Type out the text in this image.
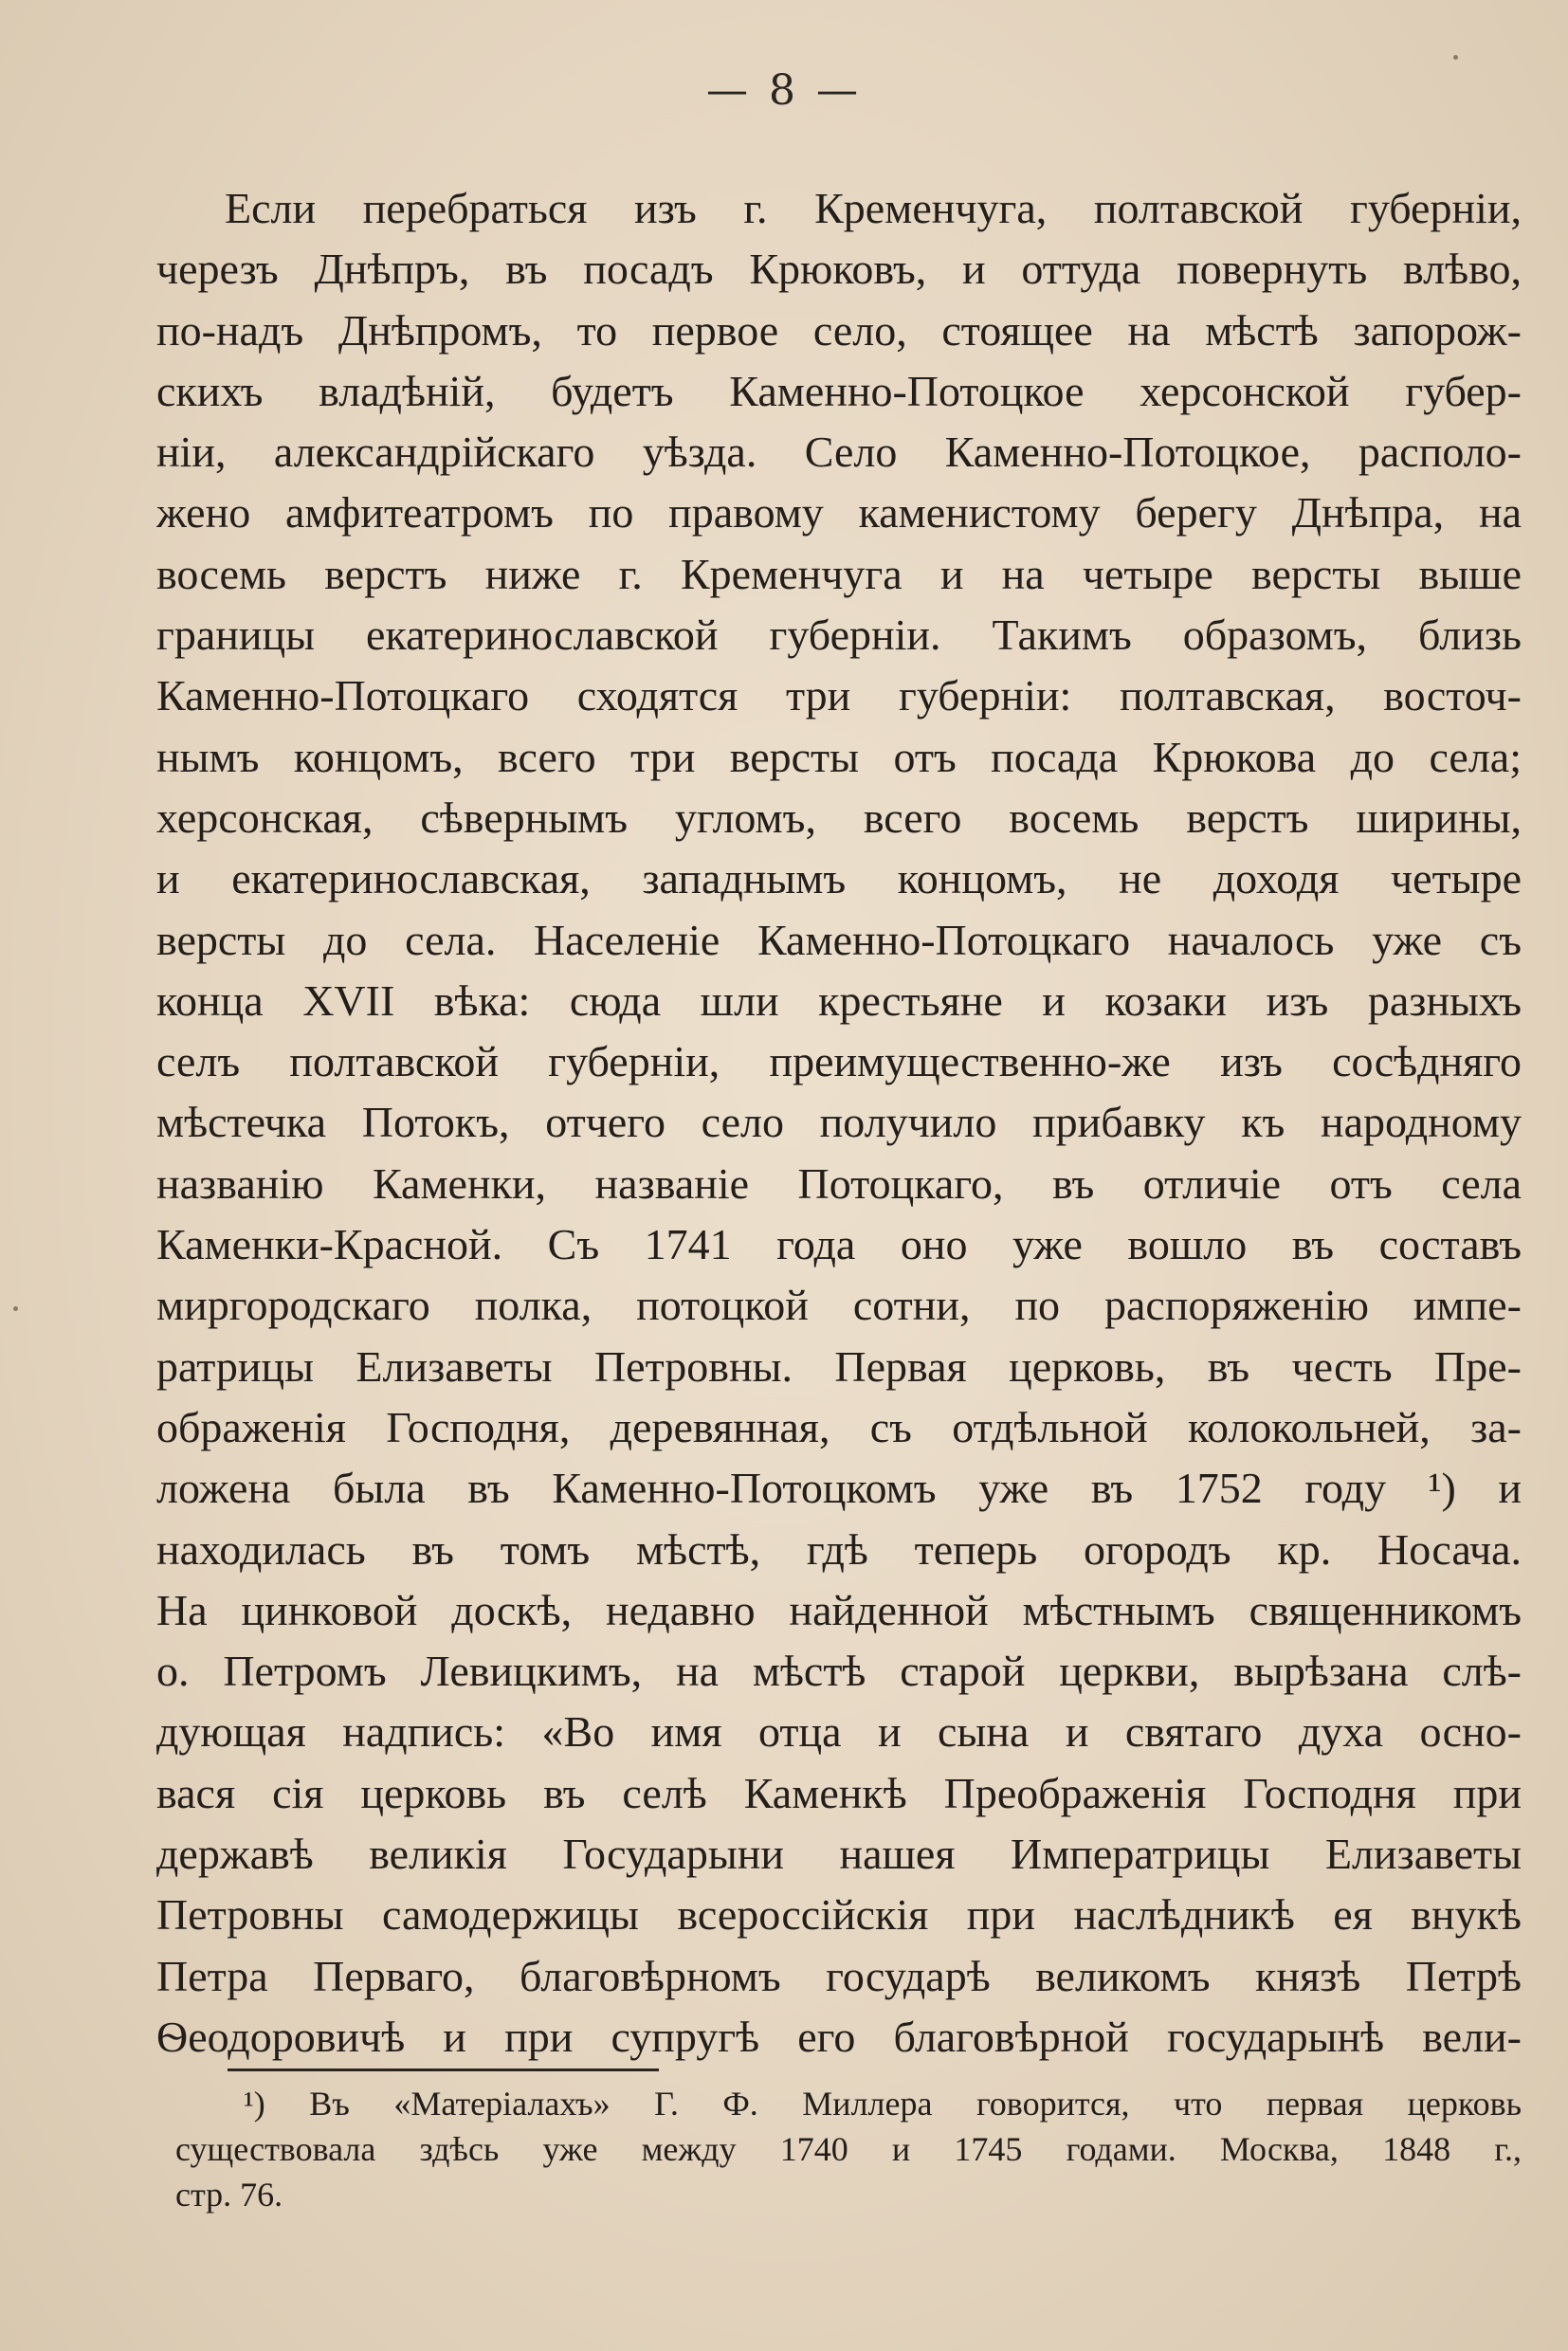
— 8 —
Если перебраться изъ г. Кременчуга, полтавской губерніи,
черезъ Днѣпръ, въ посадъ Крюковъ, и оттуда повернуть влѣво,
по-надъ Днѣпромъ, то первое село, стоящее на мѣстѣ запорож-
скихъ владѣній, будетъ Каменно-Потоцкое херсонской губер-
ніи, александрійскаго уѣзда. Село Каменно-Потоцкое, располо-
жено амфитеатромъ по правому каменистому берегу Днѣпра, на
восемь верстъ ниже г. Кременчуга и на четыре версты выше
границы екатеринославской губерніи. Такимъ образомъ, близь
Каменно-Потоцкаго сходятся три губерніи: полтавская, восточ-
нымъ концомъ, всего три версты отъ посада Крюкова до села;
херсонская, сѣвернымъ угломъ, всего восемь верстъ ширины,
и екатеринославская, западнымъ концомъ, не доходя четыре
версты до села. Населеніе Каменно-Потоцкаго началось уже съ
конца XVII вѣка: сюда шли крестьяне и козаки изъ разныхъ
селъ полтавской губерніи, преимущественно-же изъ сосѣдняго
мѣстечка Потокъ, отчего село получило прибавку къ народному
названію Каменки, названіе Потоцкаго, въ отличіе отъ села
Каменки-Красной. Съ 1741 года оно уже вошло въ составъ
миргородскаго полка, потоцкой сотни, по распоряженію импе-
ратрицы Елизаветы Петровны. Первая церковь, въ честь Пре-
ображенія Господня, деревянная, съ отдѣльной колокольней, за-
ложена была въ Каменно-Потоцкомъ уже въ 1752 году ¹) и
находилась въ томъ мѣстѣ, гдѣ теперь огородъ кр. Носача.
На цинковой доскѣ, недавно найденной мѣстнымъ священникомъ
о. Петромъ Левицкимъ, на мѣстѣ старой церкви, вырѣзана слѣ-
дующая надпись: «Во имя отца и сына и святаго духа осно-
вася сія церковь въ селѣ Каменкѣ Преображенія Господня при
державѣ великія Государыни нашея Императрицы Елизаветы
Петровны самодержицы всероссійскія при наслѣдникѣ ея внукѣ
Петра Перваго, благовѣрномъ государѣ великомъ князѣ Петрѣ
Ѳеодоровичѣ и при супругѣ его благовѣрной государынѣ вели-
¹) Въ «Матеріалахъ» Г. Ф. Миллера говорится, что первая церковь
существовала здѣсь уже между 1740 и 1745 годами. Москва, 1848 г.,
стр. 76.
